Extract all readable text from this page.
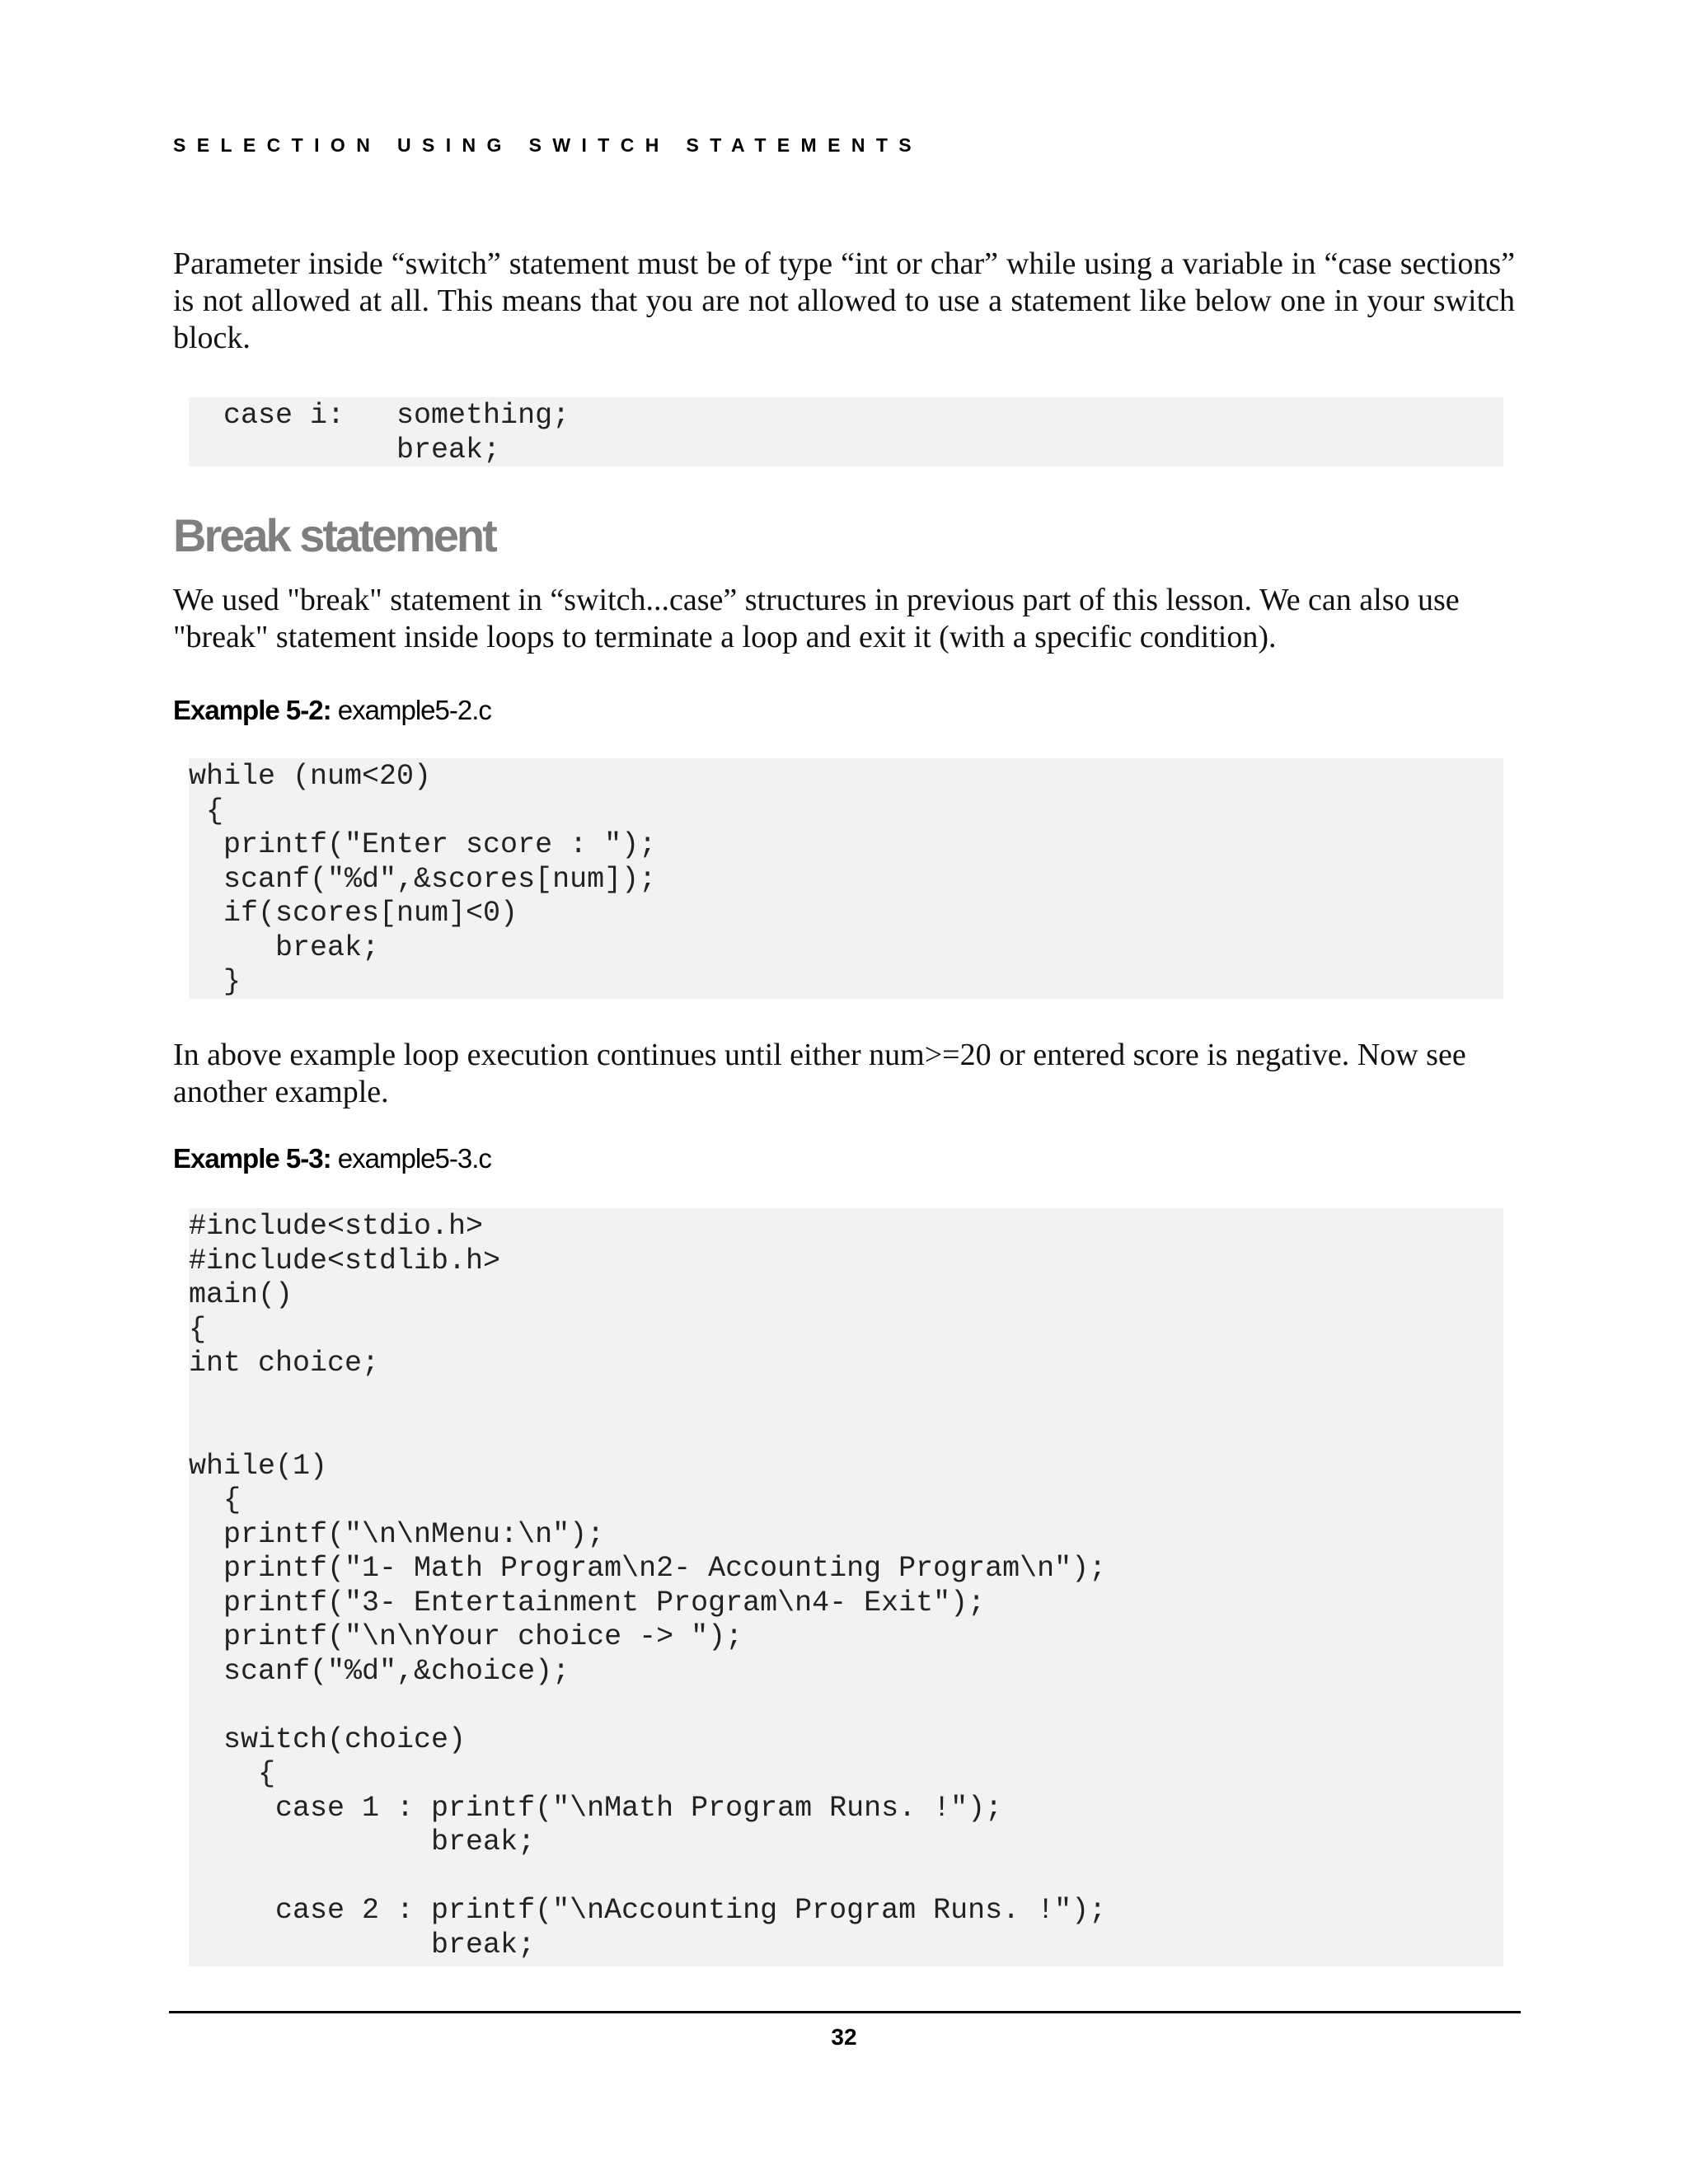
SELECTION USING SWITCH STATEMENTS

Parameter inside “switch” statement must be of type “int or char” while using a variable in “case sections” is not allowed at all. This means that you are not allowed to use a statement like below one in your switch block.

case i:   something;
break;
Break statement

We used "break" statement in “switch...case” structures in previous part of this lesson. We can also use "break" statement inside loops to terminate a loop and exit it (with a specific condition).

Example 5-2: example5-2.c
while (num<20)
{
printf("Enter score : ");
scanf("%d",&scores[num]);
if(scores[num]<0)
break;
}

In above example loop execution continues until either num>=20 or entered score is negative. Now see another example.

Example 5-3: example5-3.c
#include<stdio.h>
#include<stdlib.h>
main()
{
int choice;
while(1)
{
printf("\n\nMenu:\n");
printf("1- Math Program\n2- Accounting Program\n");
printf("3- Entertainment Program\n4- Exit");
printf("\n\nYour choice -> ");
scanf("%d",&choice);
switch(choice)
{
case 1 : printf("\nMath Program Runs. !");
break;
case 2 : printf("\nAccounting Program Runs. !");
break;
32
